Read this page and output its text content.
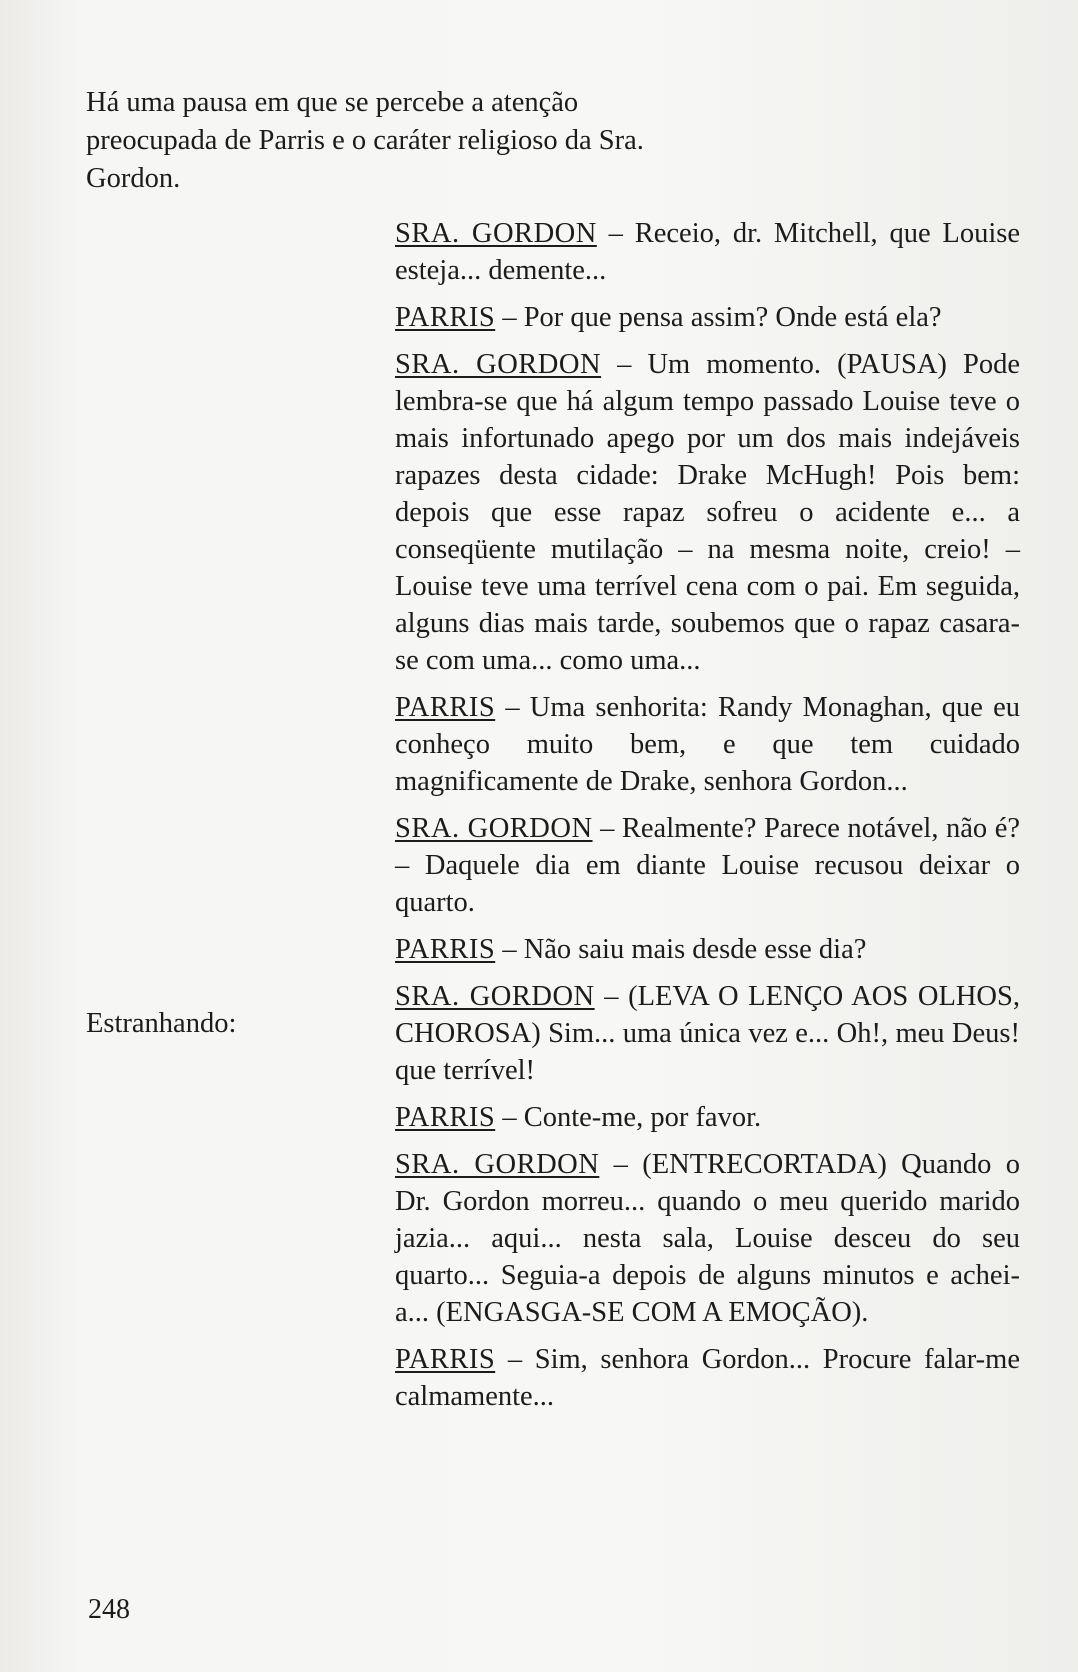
Há uma pausa em que se percebe a atenção preocupada de Parris e o caráter religioso da Sra. Gordon.

Estranhando:

SRA. GORDON – Receio, dr. Mitchell, que Louise esteja... demente...

PARRIS – Por que pensa assim? Onde está ela?

SRA. GORDON – Um momento. (PAUSA) Pode lembra-se que há algum tempo passado Louise teve o mais infortunado apego por um dos mais indejáveis rapazes desta cidade: Drake McHugh! Pois bem: depois que esse rapaz sofreu o acidente e... a conseqüente mutilação – na mesma noite, creio! – Louise teve uma terrível cena com o pai. Em seguida, alguns dias mais tarde, soubemos que o rapaz casara-se com uma... como uma...

PARRIS – Uma senhorita: Randy Monaghan, que eu conheço muito bem, e que tem cuidado magnificamente de Drake, senhora Gordon...

SRA. GORDON – Realmente? Parece notável, não é? – Daquele dia em diante Louise recusou deixar o quarto.

PARRIS – Não saiu mais desde esse dia?

SRA. GORDON – (LEVA O LENÇO AOS OLHOS, CHOROSA) Sim... uma única vez e... Oh!, meu Deus! que terrível!

PARRIS – Conte-me, por favor.

SRA. GORDON – (ENTRECORTADA) Quando o Dr. Gordon morreu... quando o meu querido marido jazia... aqui... nesta sala, Louise desceu do seu quarto... Seguia-a depois de alguns minutos e achei-a... (ENGASGA-SE COM A EMOÇÃO).

PARRIS – Sim, senhora Gordon... Procure falar-me calmamente...

248
